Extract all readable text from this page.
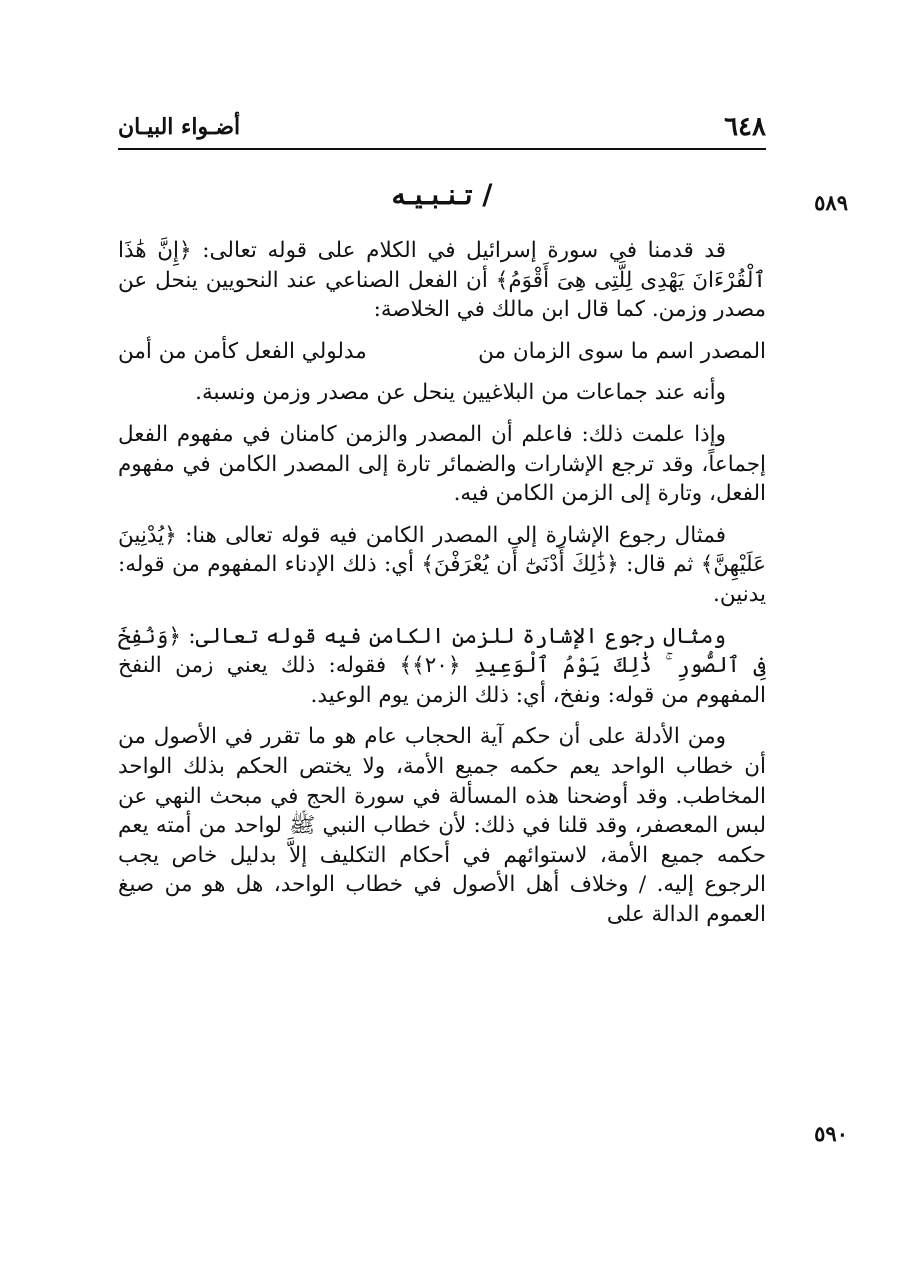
٦٤٨
أضـواء البيـان
٥٨٩
٥٩٠
/ تـنـبـيـه

قد قدمنا في سورة إسرائيل في الكلام على قوله تعالى: ﴿إِنَّ هَٰذَا ٱلْقُرْءَانَ يَهْدِى لِلَّتِى هِىَ أَقْوَمُ﴾ أن الفعل الصناعي عند النحويين ينحل عن مصدر وزمن. كما قال ابن مالك في الخلاصة:

المصدر اسم ما سوى الزمان من
مدلولي الفعل كأمن من أمن

وأنه عند جماعات من البلاغيين ينحل عن مصدر وزمن ونسبة.

وإذا علمت ذلك: فاعلم أن المصدر والزمن كامنان في مفهوم الفعل إجماعاً، وقد ترجع الإشارات والضمائر تارة إلى المصدر الكامن في مفهوم الفعل، وتارة إلى الزمن الكامن فيه.

فمثال رجوع الإشارة إلى المصدر الكامن فيه قوله تعالى هنا: ﴿يُدْنِينَ عَلَيْهِنَّ﴾ ثم قال: ﴿ذَٰلِكَ أَدْنَىٰٓ أَن يُعْرَفْنَ﴾ أي: ذلك الإدناء المفهوم من قوله: يدنين.

ومثال رجوع الإشارة للزمن الكامن فيه قوله تعالى: ﴿وَنُفِخَ فِى ٱلصُّورِ ۚ ذَٰلِكَ يَوْمُ ٱلْوَعِيدِ ﴿٢٠﴾﴾ فقوله: ذلك يعني زمن النفخ المفهوم من قوله: ونفخ، أي: ذلك الزمن يوم الوعيد.

ومن الأدلة على أن حكم آية الحجاب عام هو ما تقرر في الأصول من أن خطاب الواحد يعم حكمه جميع الأمة، ولا يختص الحكم بذلك الواحد المخاطب. وقد أوضحنا هذه المسألة في سورة الحج في مبحث النهي عن لبس المعصفر، وقد قلنا في ذلك: لأن خطاب النبي ﷺ لواحد من أمته يعم حكمه جميع الأمة، لاستوائهم في أحكام التكليف إلاَّ بدليل خاص يجب الرجوع إليه. / وخلاف أهل الأصول في خطاب الواحد، هل هو من صيغ العموم الدالة على
